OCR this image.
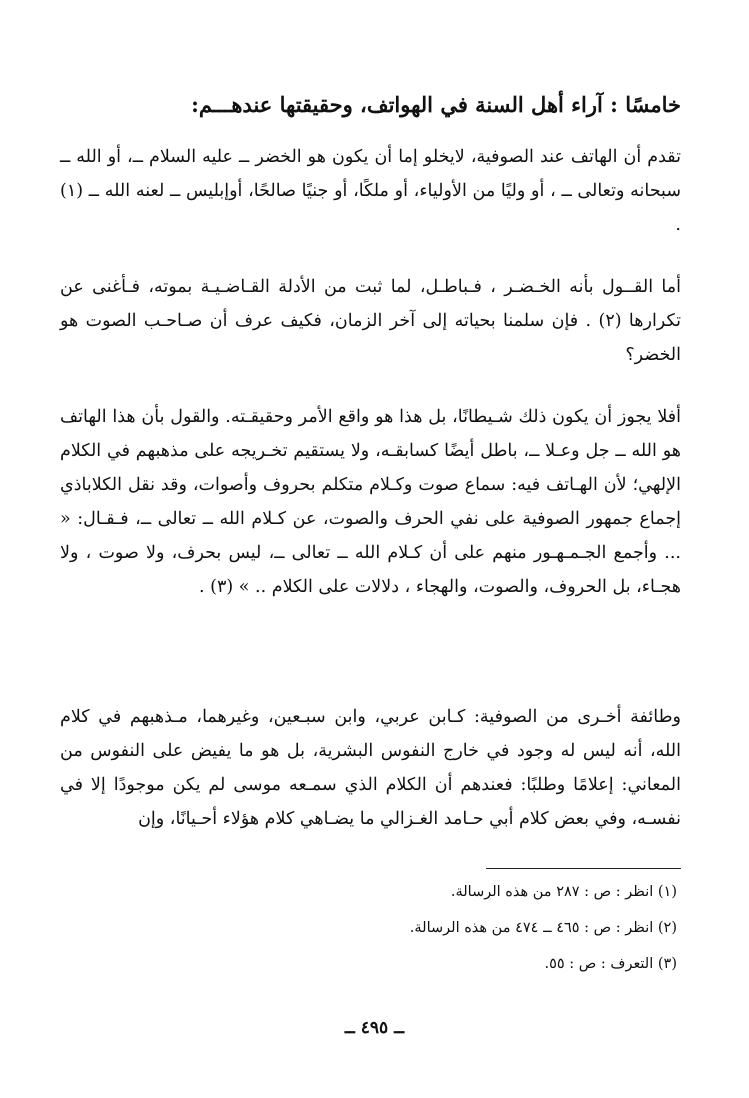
خامسًا : آراء أهل السنة في الهواتف، وحقيقتها عندهـــم:
تقدم أن الهاتف عند الصوفية، لايخلو إما أن يكون هو الخضر ــ عليه السلام ــ، أو الله ــ سبحانه وتعالى ــ ، أو وليًا من الأولياء، أو ملكًا، أو جنيًا صالحًا، أوإبليس ــ لعنه الله ــ (١) .
أما القــول بأنه الخـضـر ، فـباطـل، لما ثبت من الأدلة القـاضـيـة بموته، فـأغنى عن تكرارها (٢) . فإن سلمنا بحياته إلى آخر الزمان، فكيف عرف أن صـاحـب الصوت هو الخضر؟
أفلا يجوز أن يكون ذلك شـيطانًا، بل هذا هو واقع الأمر وحقيقـته. والقول بأن هذا الهاتف هو الله ــ جل وعـلا ــ، باطل أيضًا كسابقـه، ولا يستقيم تخـريجه على مذهبهم في الكلام الإلهي؛ لأن الهـاتف فيه: سماع صوت وكـلام متكلم بحروف وأصوات، وقد نقل الكلاباذي إجماع جمهور الصوفية على نفي الحرف والصوت، عن كـلام الله ــ تعالى ــ، فـقـال: « ... وأجمع الجـمـهـور منهم على أن كـلام الله ــ تعالى ــ، ليس بحرف، ولا صوت ، ولا هجـاء، بل الحروف، والصوت، والهجاء ، دلالات على الكلام .. » (٣) .
وطائفة أخـرى من الصوفية: كـابن عربي، وابن سبـعين، وغيرهما، مـذهبهم في كلام الله، أنه ليس له وجود في خارج النفوس البشرية، بل هو ما يفيض على النفوس من المعاني: إعلامًا وطلبًا: فعندهم أن الكلام الذي سمـعه موسى لم يكن موجودًا إلا في نفسـه، وفي بعض كلام أبي حـامد الغـزالي ما يضـاهي كلام هؤلاء أحـيانًا، وإن
(١) انظر : ص : ٢٨٧ من هذه الرسالة.
(٢) انظر : ص : ٤٦٥ ــ ٤٧٤ من هذه الرسالة.
(٣) التعرف : ص : ٥٥.
ــ ٤٩٥ ــ
